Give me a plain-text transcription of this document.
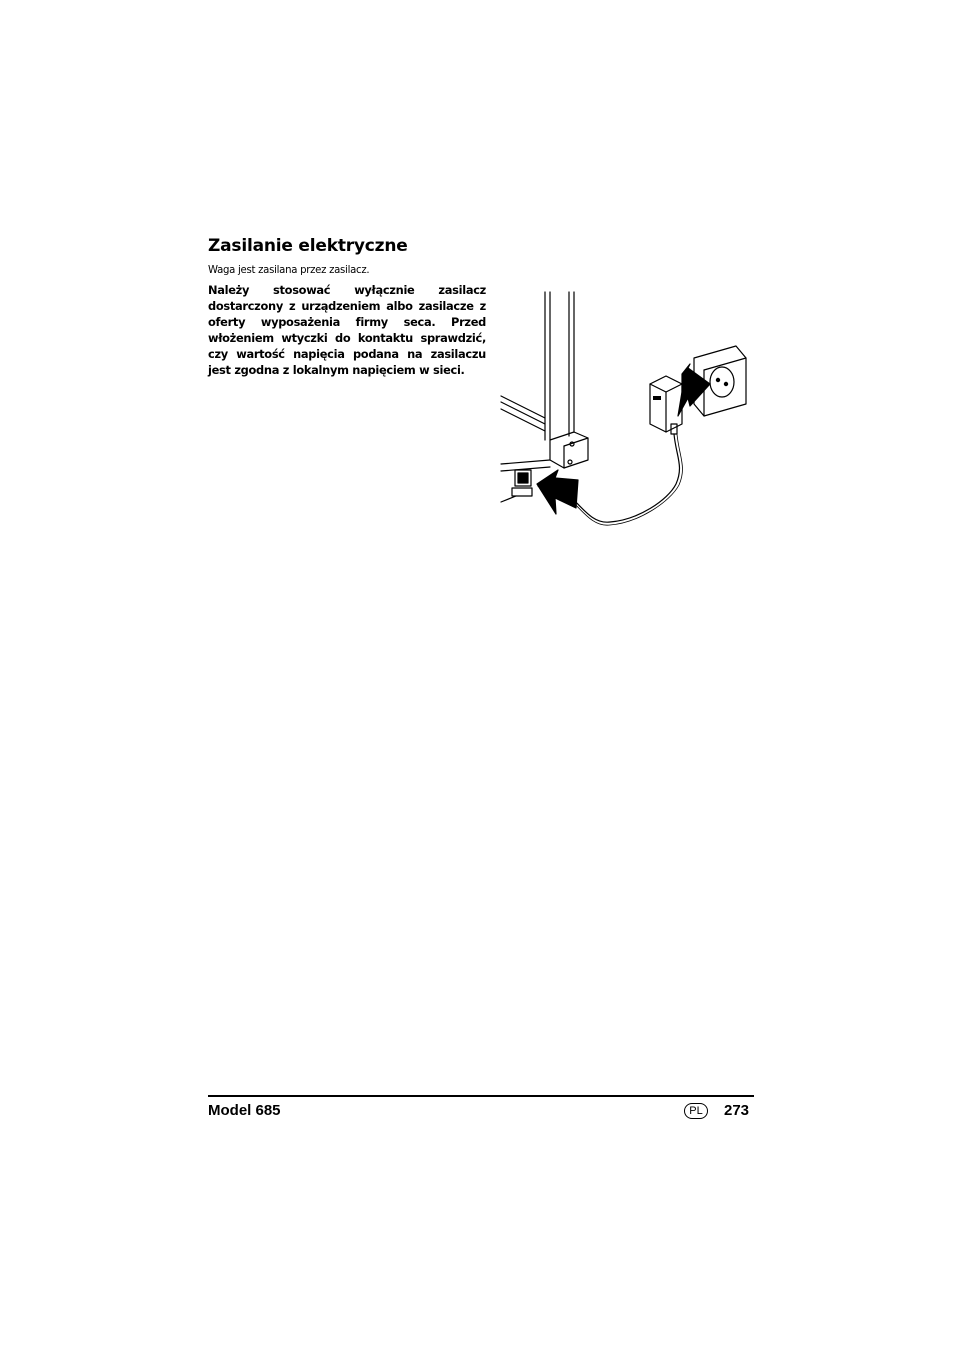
Zasilanie elektryczne

Waga jest zasilana przez zasilacz.

Należy stosować wyłącznie zasilacz dostarczony z urządzeniem albo zasilacze z oferty wyposażenia firmy seca. Przed włożeniem wtyczki do kontaktu sprawdzić, czy wartość napięcia podana na zasilaczu jest zgodna z lokalnym napięciem w sieci.

Model 685	PL	273
